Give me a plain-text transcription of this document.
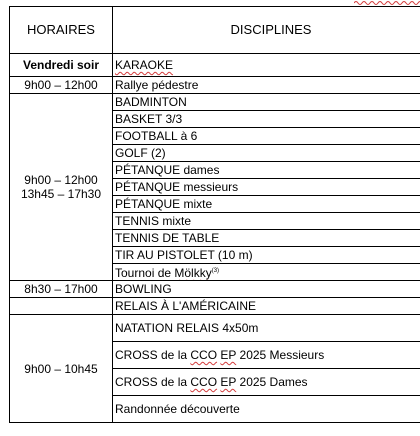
HORAIRES	DISCIPLINES
Vendredi soir	KARAOKE
9h00 – 12h00	Rallye pédestre

9h00 – 12h00
13h45 – 17h30	BADMINTON
	BASKET 3/3
	FOOTBALL à 6
	GOLF (2)
	PÉTANQUE dames
	PÉTANQUE messieurs
	PÉTANQUE mixte
	TENNIS mixte
	TENNIS DE TABLE
	TIR AU PISTOLET (10 m)
	Tournoi de Mölkky$^{(3)}$
8h30 – 17h00	BOWLING
	RELAIS À L'AMÉRICAINE
9h00 – 10h45	NATATION RELAIS 4x50m
	CROSS de la CCO EP 2025 Messieurs
	CROSS de la CCO EP 2025 Dames
	Randonnée découverte
